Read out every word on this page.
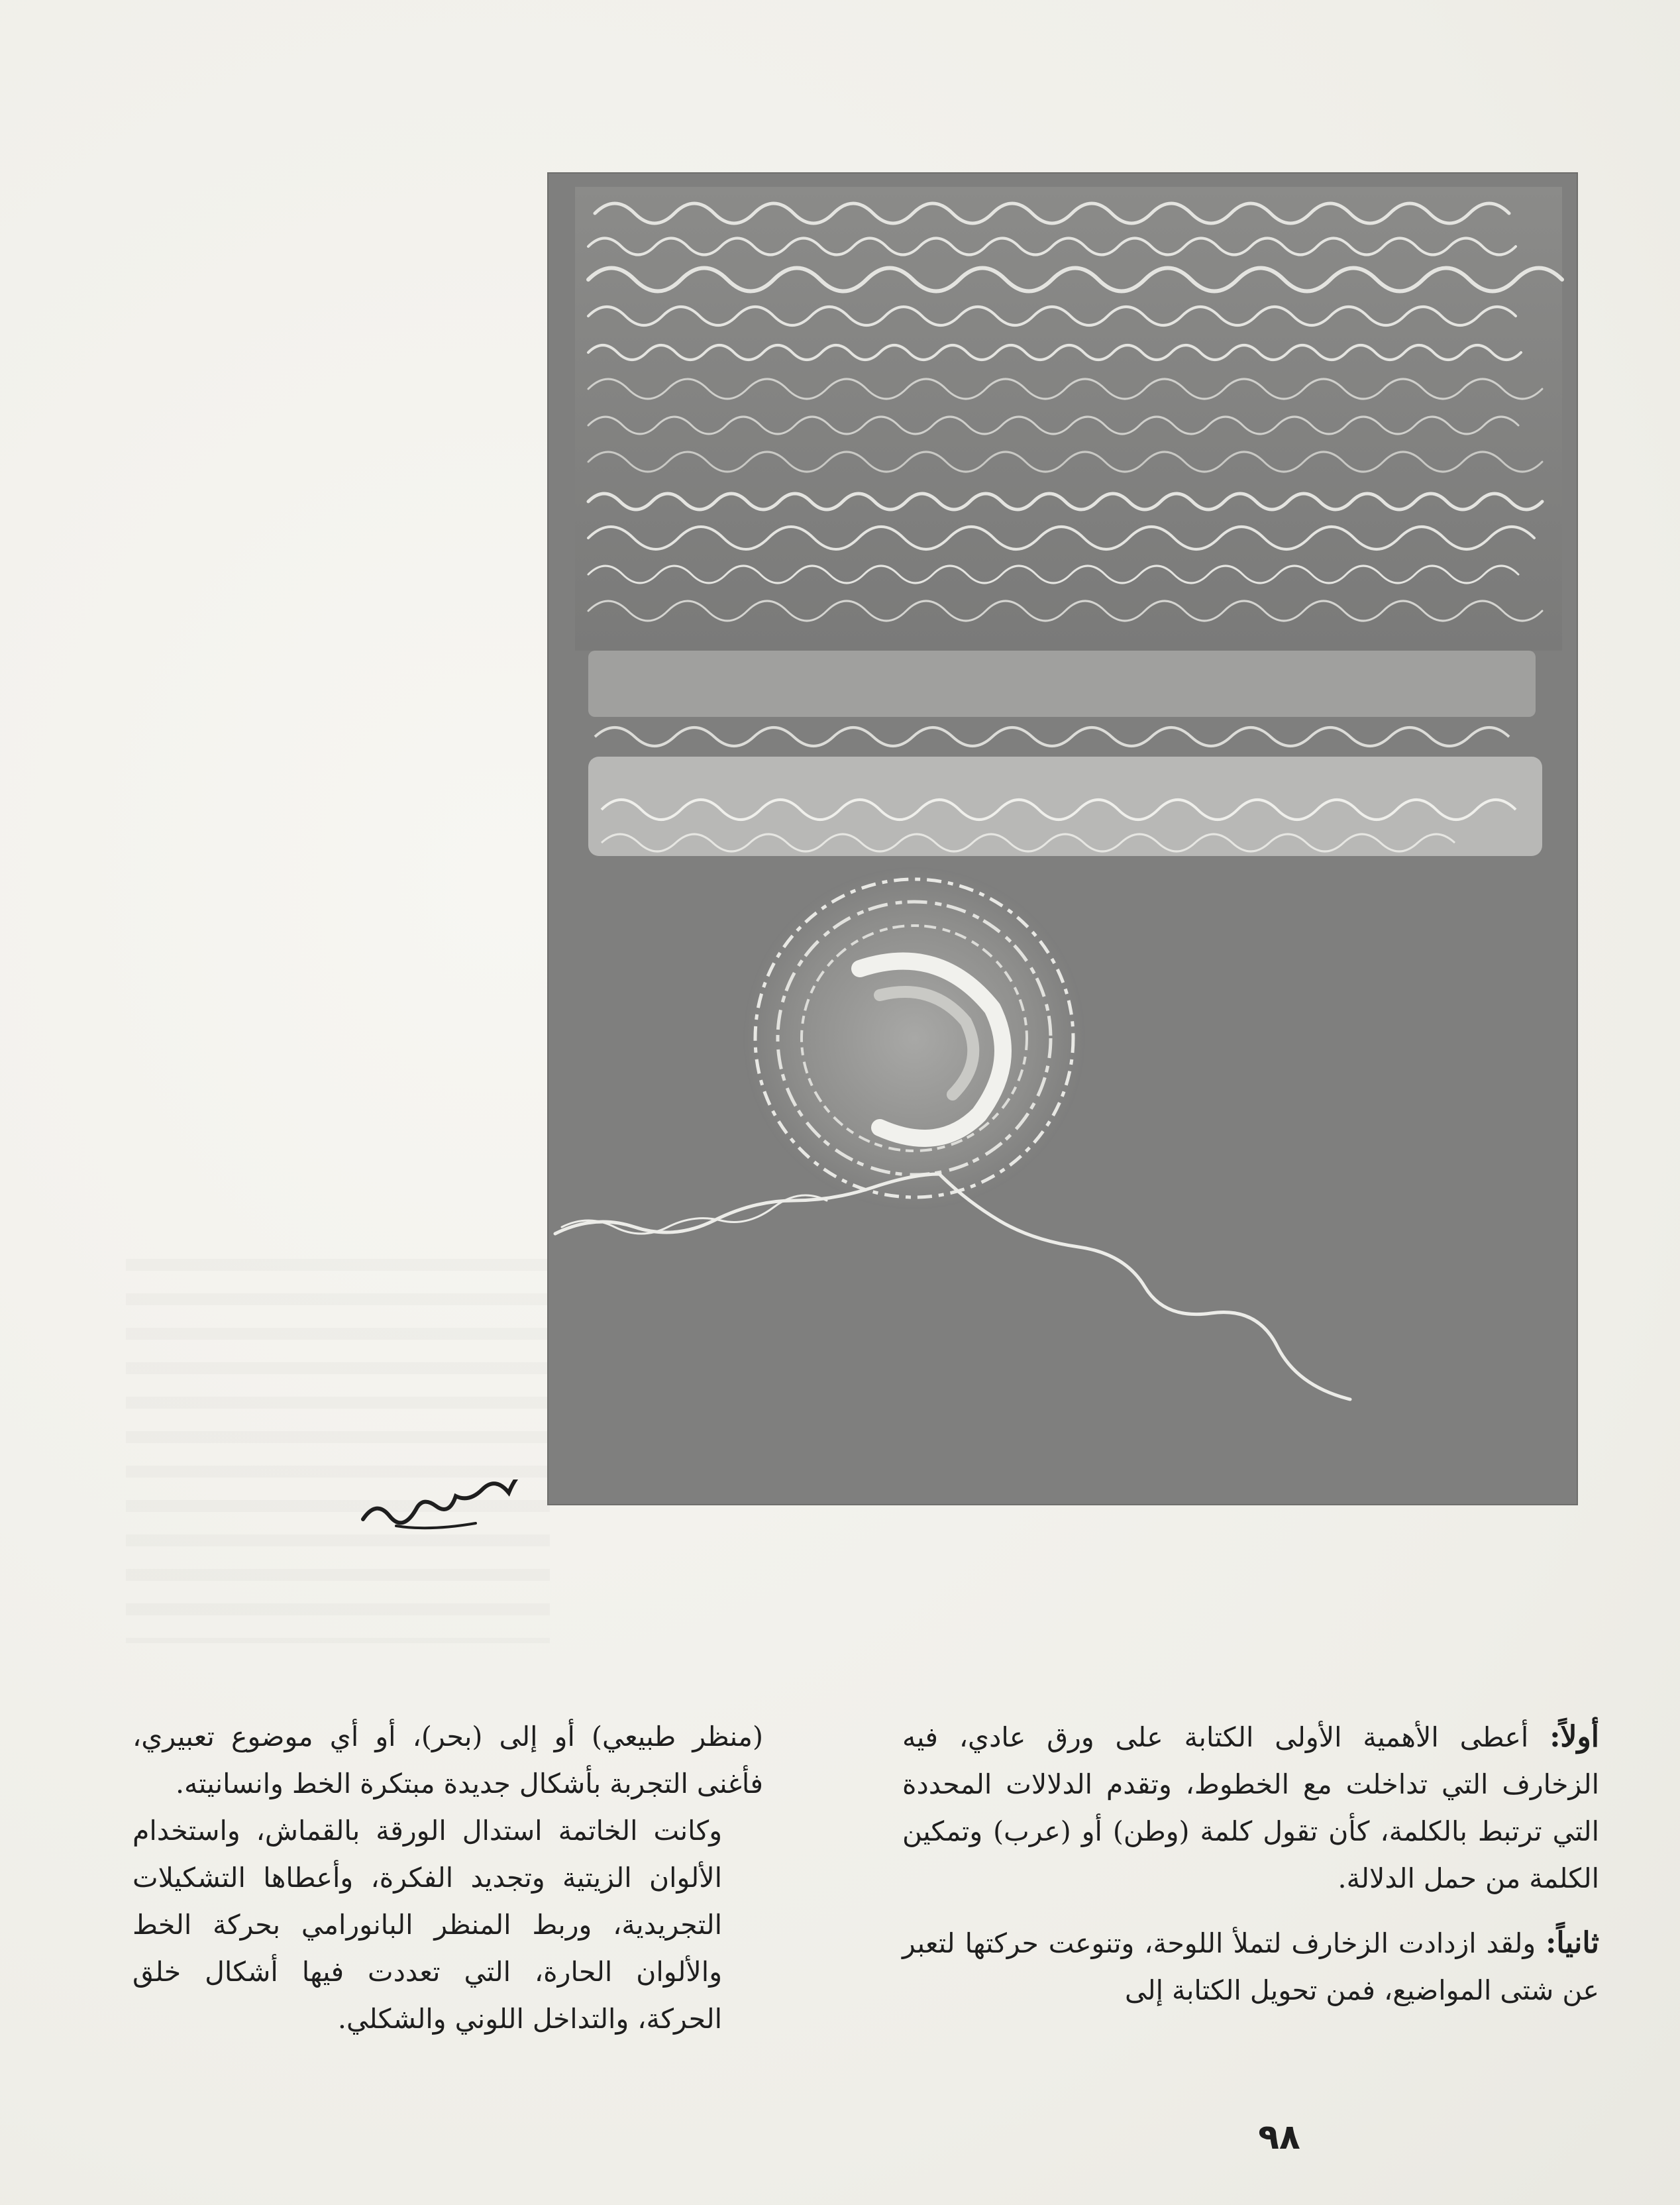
أولاً: أعطى الأهمية الأولى الكتابة على ورق عادي، فيه الزخارف التي تداخلت مع الخطوط، وتقدم الدلالات المحددة التي ترتبط بالكلمة، كأن تقول كلمة (وطن) أو (عرب) وتمكين الكلمة من حمل الدلالة.

ثانياً: ولقد ازدادت الزخارف لتملأ اللوحة، وتنوعت حركتها لتعبر عن شتى المواضيع، فمن تحويل الكتابة إلى

(منظر طبيعي) أو إلى (بحر)، أو أي موضوع تعبيري، فأغنى التجربة بأشكال جديدة مبتكرة الخط وانسانيته.

وكانت الخاتمة استدال الورقة بالقماش، واستخدام الألوان الزيتية وتجديد الفكرة، وأعطاها التشكيلات التجريدية، وربط المنظر البانورامي بحركة الخط والألوان الحارة، التي تعددت فيها أشكال خلق الحركة، والتداخل اللوني والشكلي.

٩٨
